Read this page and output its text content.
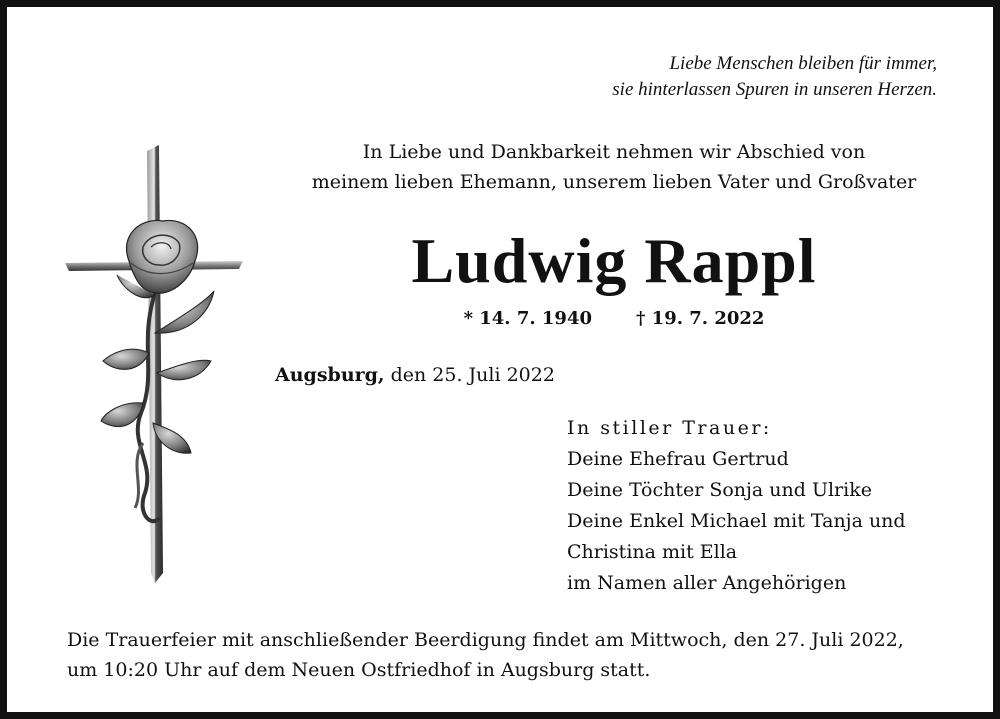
Liebe Menschen bleiben für immer,
sie hinterlassen Spuren in unseren Herzen.
In Liebe und Dankbarkeit nehmen wir Abschied von
meinem lieben Ehemann, unserem lieben Vater und Großvater
Ludwig Rappl
* 14. 7. 1940 † 19. 7. 2022
Augsburg, den 25. Juli 2022
In stiller Trauer:
Deine Ehefrau Gertrud
Deine Töchter Sonja und Ulrike
Deine Enkel Michael mit Tanja und
Christina mit Ella
im Namen aller Angehörigen
Die Trauerfeier mit anschließender Beerdigung findet am Mittwoch, den 27. Juli 2022,
um 10:20 Uhr auf dem Neuen Ostfriedhof in Augsburg statt.
